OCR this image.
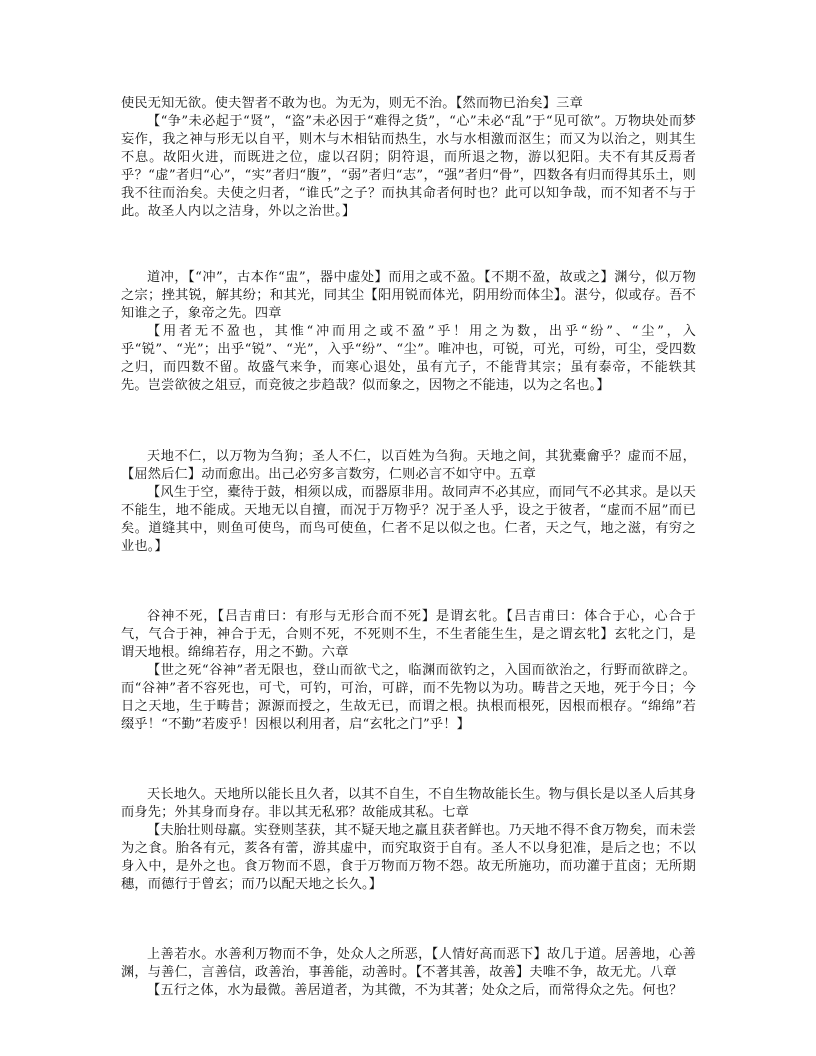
使民无知无欲。使夫智者不敢为也。为无为，则无不治。【然而物已治矣】三章

【“争”未必起于“贤”，“盗”未必因于“难得之货”，“心”未必“乱”于“见可欲”。万物块处而梦妄作，我之神与形无以自平，则木与木相钻而热生，水与水相激而沤生；而又为以治之，则其生不息。故阳火进，而既进之位，虚以召阴；阴符退，而所退之物，游以犯阳。夫不有其反焉者乎？“虚”者归“心”，“实”者归“腹”，“弱”者归“志”，“强”者归“骨”，四数各有归而得其乐土，则我不往而治矣。夫使之归者，“谁氏”之子？而执其命者何时也？此可以知争哉，而不知者不与于此。故圣人内以之洁身，外以之治世。】

道冲，【“冲”，古本作“盅”，器中虚处】而用之或不盈。【不期不盈，故或之】渊兮，似万物之宗；挫其锐，解其纷；和其光，同其尘【阳用锐而体光，阴用纷而体尘】。湛兮，似或存。吾不知谁之子，象帝之先。四章

【用者无不盈也，其惟“冲而用之或不盈”乎！用之为数，出乎“纷”、“尘”，入乎“锐”、“光”；出乎“锐”、“光”，入乎“纷”、“尘”。唯冲也，可锐，可光，可纷，可尘，受四数之归，而四数不留。故盛气来争，而寒心退处，虽有亢子，不能背其宗；虽有泰帝，不能轶其先。岂尝欲彼之俎豆，而竞彼之步趋哉？似而象之，因物之不能违，以为之名也。】

天地不仁，以万物为刍狗；圣人不仁，以百姓为刍狗。天地之间，其犹橐龠乎？虚而不屈，【屈然后仁】动而愈出。出己必穷多言数穷，仁则必言不如守中。五章

【风生于空，橐待于鼓，相须以成，而器原非用。故同声不必其应，而同气不必其求。是以天不能生，地不能成。天地无以自擅，而况于万物乎？况于圣人乎，设之于彼者，“虚而不屈”而已矣。道缝其中，则鱼可使鸟，而鸟可使鱼，仁者不足以似之也。仁者，天之气，地之滋，有穷之业也。】

谷神不死，【吕吉甫曰：有形与无形合而不死】是谓玄牝。【吕吉甫曰：体合于心，心合于气，气合于神，神合于无，合则不死，不死则不生，不生者能生生，是之谓玄牝】玄牝之门，是谓天地根。绵绵若存，用之不勤。六章

【世之死“谷神”者无限也，登山而欲弋之，临渊而欲钓之，入国而欲治之，行野而欲辟之。而“谷神”者不容死也，可弋，可钓，可治，可辟，而不先物以为功。畴昔之天地，死于今日；今日之天地，生于畴昔；源源而授之，生故无已，而谓之根。执根而根死，因根而根存。“绵绵”若缀乎！“不勤”若废乎！因根以利用者，启“玄牝之门”乎！】

天长地久。天地所以能长且久者，以其不自生，不自生物故能长生。物与俱长是以圣人后其身而身先；外其身而身存。非以其无私邪？故能成其私。七章

【夫胎壮则母羸。实登则茎获，其不疑天地之羸且获者鲜也。乃天地不得不食万物矣，而未尝为之食。胎各有元，荄各有蕾，游其虚中，而究取资于自有。圣人不以身犯准，是后之也；不以身入中，是外之也。食万物而不恩，食于万物而万物不怨。故无所施功，而功灌于苴卤；无所期穗，而德行于曾玄；而乃以配天地之长久。】

上善若水。水善利万物而不争，处众人之所恶，【人情好高而恶下】故几于道。居善地，心善渊，与善仁，言善信，政善治，事善能，动善时。【不著其善，故善】夫唯不争，故无尤。八章

【五行之体，水为最微。善居道者，为其微，不为其著；处众之后，而常得众之先。何也？
